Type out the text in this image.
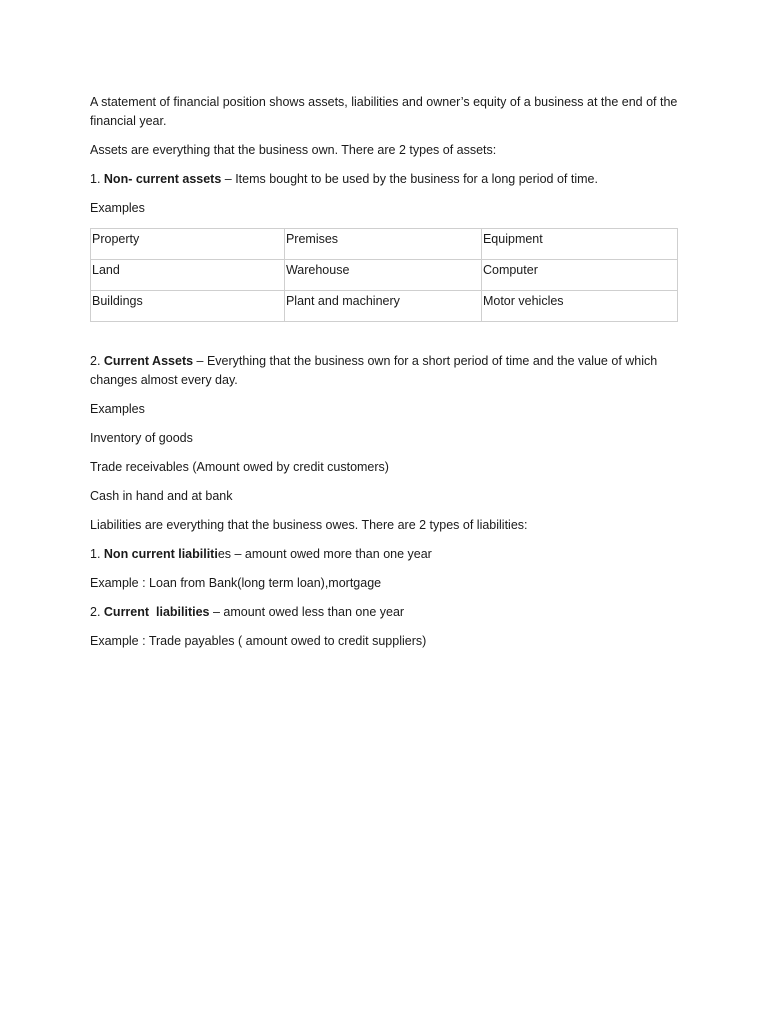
A statement of financial position shows assets, liabilities and owner’s equity of a business at the end of the financial year.

Assets are everything that the business own. There are 2 types of assets:

1. Non- current assets – Items bought to be used by the business for a long period of time.

Examples

Property	Premises	Equipment
Land	Warehouse	Computer
Buildings	Plant and machinery	Motor vehicles

2. Current Assets – Everything that the business own for a short period of time and the value of which changes almost every day.

Examples

Inventory of goods

Trade receivables (Amount owed by credit customers)

Cash in hand and at bank

Liabilities are everything that the business owes. There are 2 types of liabilities:

1. Non current liabilities – amount owed more than one year

Example : Loan from Bank(long term loan),mortgage

2. Current  liabilities – amount owed less than one year

Example : Trade payables ( amount owed to credit suppliers)
